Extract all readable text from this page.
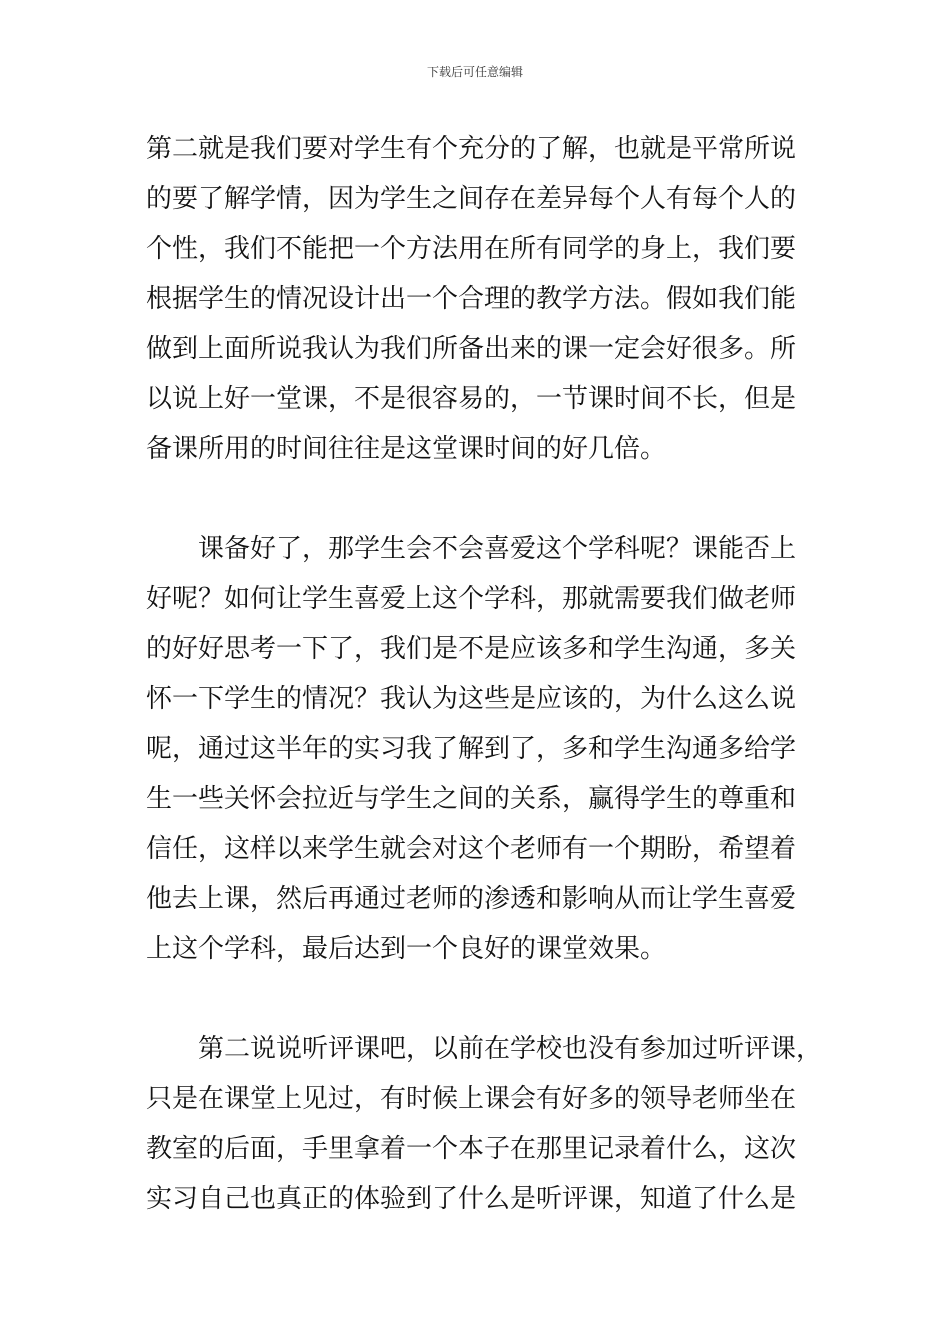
下载后可任意编辑
第二就是我们要对学生有个充分的了解，也就是平常所说
的要了解学情，因为学生之间存在差异每个人有每个人的
个性，我们不能把一个方法用在所有同学的身上，我们要
根据学生的情况设计出一个合理的教学方法。假如我们能
做到上面所说我认为我们所备出来的课一定会好很多。所
以说上好一堂课，不是很容易的，一节课时间不长，但是
备课所用的时间往往是这堂课时间的好几倍。
课备好了，那学生会不会喜爱这个学科呢？课能否上
好呢？如何让学生喜爱上这个学科，那就需要我们做老师
的好好思考一下了，我们是不是应该多和学生沟通，多关
怀一下学生的情况？我认为这些是应该的，为什么这么说
呢，通过这半年的实习我了解到了，多和学生沟通多给学
生一些关怀会拉近与学生之间的关系，赢得学生的尊重和
信任，这样以来学生就会对这个老师有一个期盼，希望着
他去上课，然后再通过老师的渗透和影响从而让学生喜爱
上这个学科，最后达到一个良好的课堂效果。
第二说说听评课吧，以前在学校也没有参加过听评课，
只是在课堂上见过，有时候上课会有好多的领导老师坐在
教室的后面，手里拿着一个本子在那里记录着什么，这次
实习自己也真正的体验到了什么是听评课，知道了什么是
